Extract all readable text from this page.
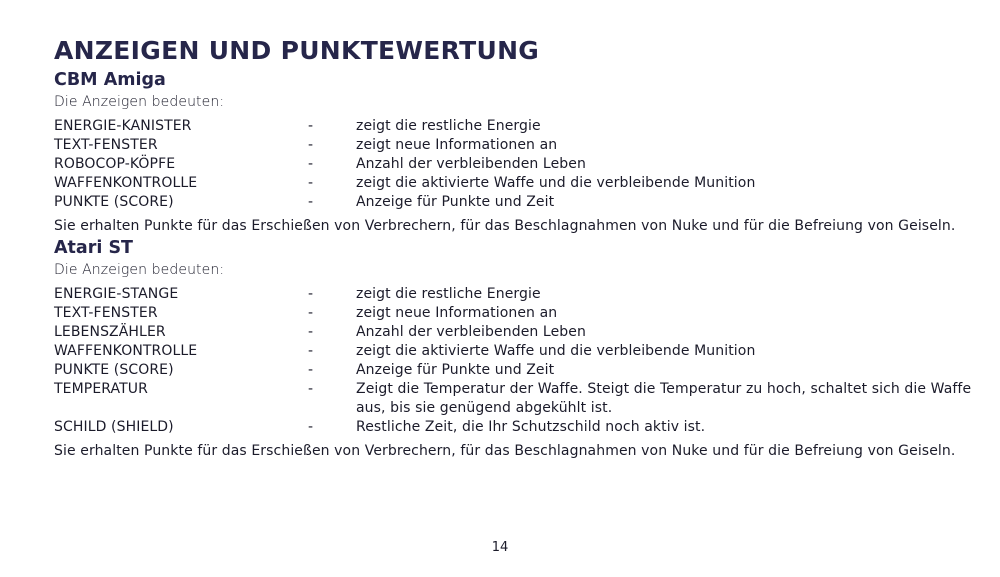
ANZEIGEN UND PUNKTEWERTUNG
CBM Amiga

Die Anzeigen bedeuten:

ENERGIE-KANISTER	-	zeigt die restliche Energie
TEXT-FENSTER	-	zeigt neue Informationen an
ROBOCOP-KÖPFE	-	Anzahl der verbleibenden Leben
WAFFENKONTROLLE	-	zeigt die aktivierte Waffe und die verbleibende Munition
PUNKTE (SCORE)	-	Anzeige für Punkte und Zeit

Sie erhalten Punkte für das Erschießen von Verbrechern, für das Beschlagnahmen von Nuke und für die Befreiung von Geiseln.

Atari ST

Die Anzeigen bedeuten:

ENERGIE-STANGE	-	zeigt die restliche Energie
TEXT-FENSTER	-	zeigt neue Informationen an
LEBENSZÄHLER	-	Anzahl der verbleibenden Leben
WAFFENKONTROLLE	-	zeigt die aktivierte Waffe und die verbleibende Munition
PUNKTE (SCORE)	-	Anzeige für Punkte und Zeit
TEMPERATUR	-	Zeigt die Temperatur der Waffe. Steigt die Temperatur zu hoch, schaltet sich die Waffe aus, bis sie genügend abgekühlt ist.
SCHILD (SHIELD)	-	Restliche Zeit, die Ihr Schutzschild noch aktiv ist.

Sie erhalten Punkte für das Erschießen von Verbrechern, für das Beschlagnahmen von Nuke und für die Befreiung von Geiseln.

14
